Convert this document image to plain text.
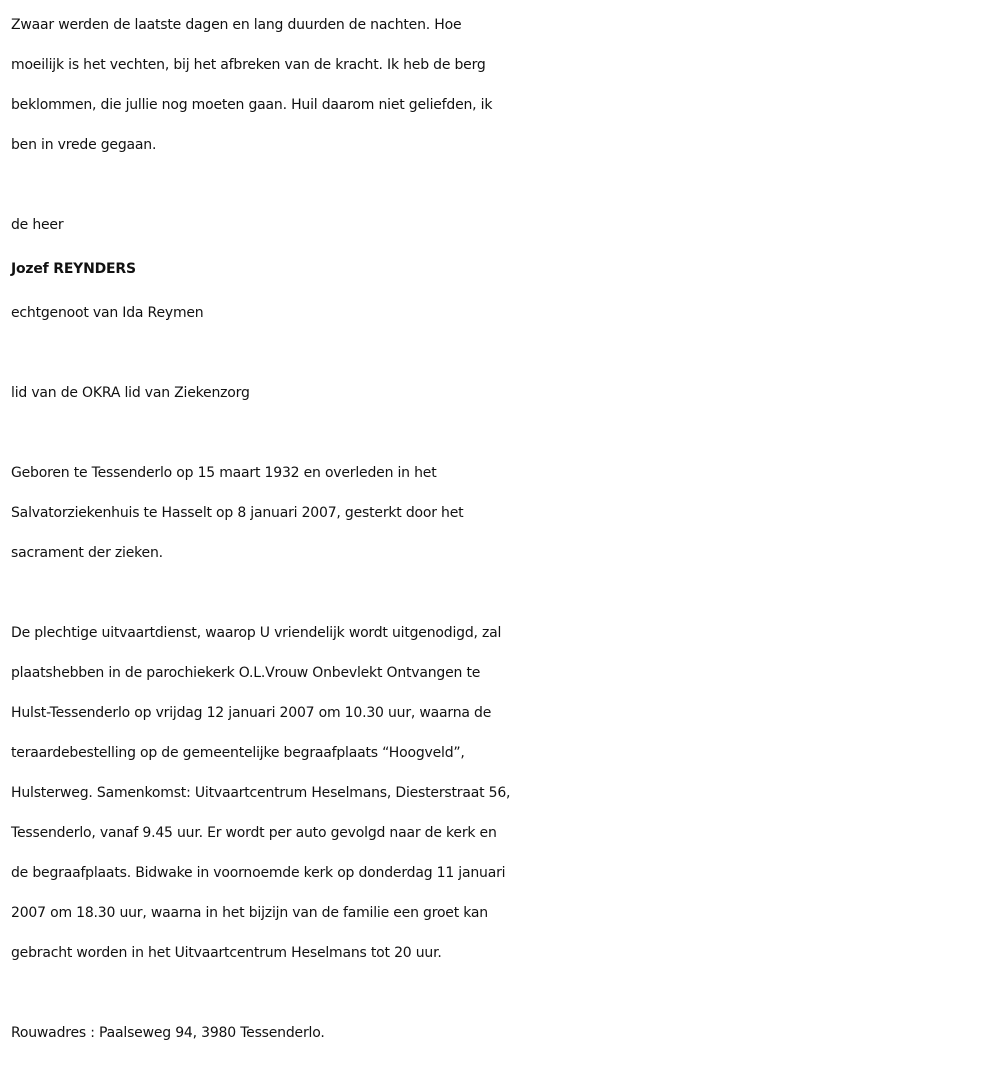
Zwaar werden de laatste dagen en lang duurden de nachten. Hoe
moeilijk is het vechten, bij het afbreken van de kracht. Ik heb de berg
beklommen, die jullie nog moeten gaan. Huil daarom niet geliefden, ik
ben in vrede gegaan.

de heer

Jozef REYNDERS

echtgenoot van Ida Reymen

lid van de OKRA lid van Ziekenzorg

Geboren te Tessenderlo op 15 maart 1932 en overleden in het
Salvatorziekenhuis te Hasselt op 8 januari 2007, gesterkt door het
sacrament der zieken.

De plechtige uitvaartdienst, waarop U vriendelijk wordt uitgenodigd, zal
plaatshebben in de parochiekerk O.L.Vrouw Onbevlekt Ontvangen te
Hulst-Tessenderlo op vrijdag 12 januari 2007 om 10.30 uur, waarna de
teraardebestelling op de gemeentelijke begraafplaats “Hoogveld”,
Hulsterweg. Samenkomst: Uitvaartcentrum Heselmans, Diesterstraat 56,
Tessenderlo, vanaf 9.45 uur. Er wordt per auto gevolgd naar de kerk en
de begraafplaats. Bidwake in voornoemde kerk op donderdag 11 januari
2007 om 18.30 uur, waarna in het bijzijn van de familie een groet kan
gebracht worden in het Uitvaartcentrum Heselmans tot 20 uur.

Rouwadres : Paalseweg 94, 3980 Tessenderlo.
